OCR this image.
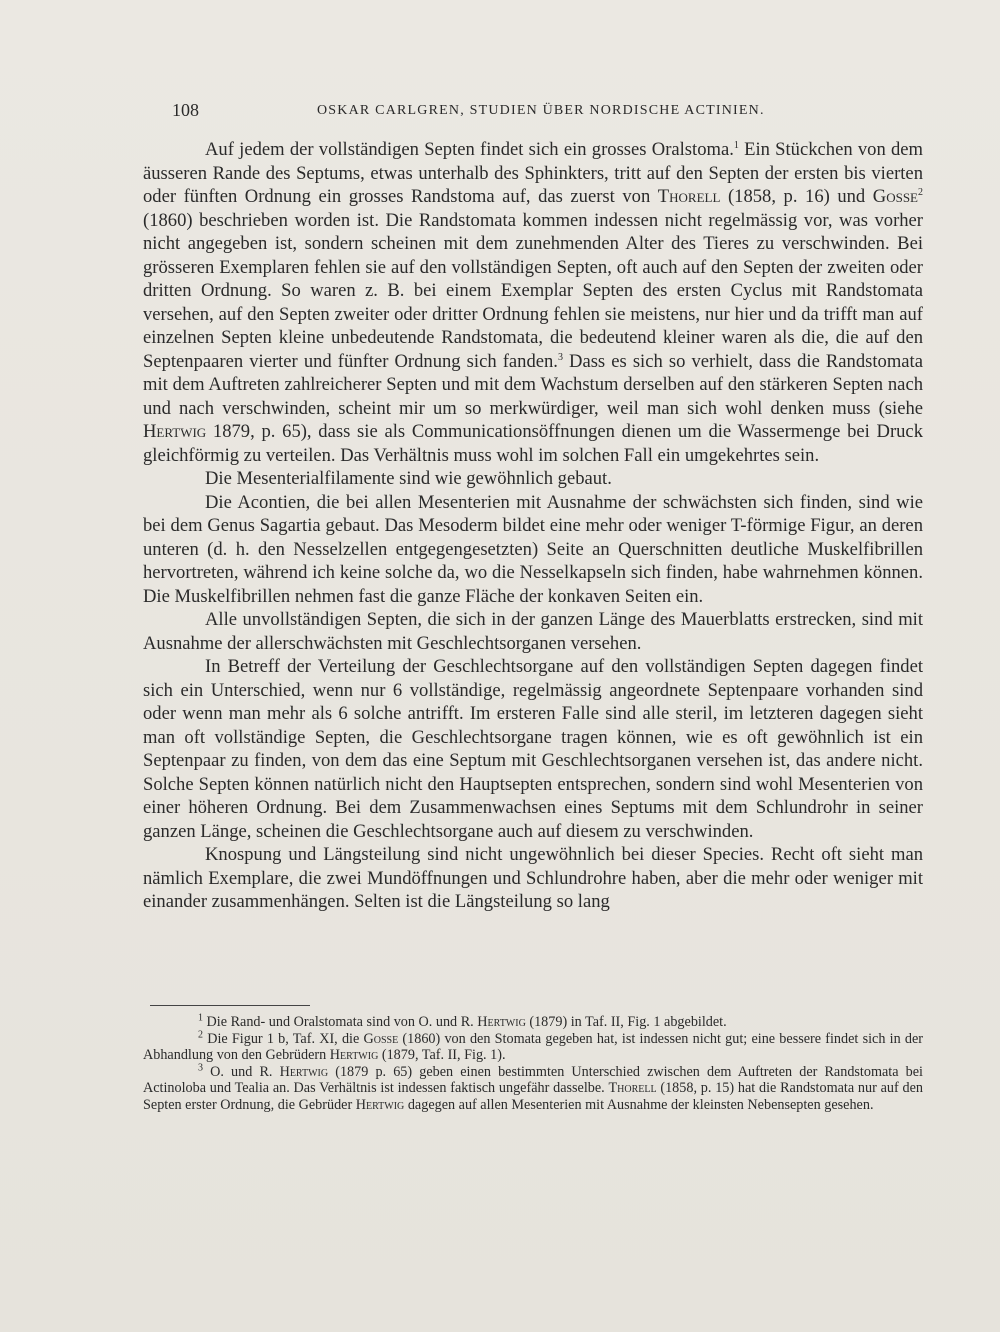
108	OSKAR CARLGREN, STUDIEN ÜBER NORDISCHE ACTINIEN.

Auf jedem der vollständigen Septen findet sich ein grosses Oralstoma.$^1$ Ein Stückchen von dem äusseren Rande des Septums, etwas unterhalb des Sphinkters, tritt auf den Septen der ersten bis vierten oder fünften Ordnung ein grosses Randstoma auf, das zuerst von Thorell (1858, p. 16) und Gosse$^2$ (1860) beschrieben worden ist. Die Randstomata kommen indessen nicht regelmässig vor, was vorher nicht angegeben ist, sondern scheinen mit dem zunehmenden Alter des Tieres zu verschwinden. Bei grösseren Exemplaren fehlen sie auf den vollständigen Septen, oft auch auf den Septen der zweiten oder dritten Ordnung. So waren z. B. bei einem Exemplar Septen des ersten Cyclus mit Randstomata versehen, auf den Septen zweiter oder dritter Ordnung fehlen sie meistens, nur hier und da trifft man auf einzelnen Septen kleine unbedeutende Randstomata, die bedeutend kleiner waren als die, die auf den Septenpaaren vierter und fünfter Ordnung sich fanden.$^3$ Dass es sich so verhielt, dass die Randstomata mit dem Auftreten zahlreicherer Septen und mit dem Wachstum derselben auf den stärkeren Septen nach und nach verschwinden, scheint mir um so merkwürdiger, weil man sich wohl denken muss (siehe Hertwig 1879, p. 65), dass sie als Communicationsöffnungen dienen um die Wassermenge bei Druck gleichförmig zu verteilen. Das Verhältnis muss wohl im solchen Fall ein umgekehrtes sein.

Die Mesenterialfilamente sind wie gewöhnlich gebaut.

Die Acontien, die bei allen Mesenterien mit Ausnahme der schwächsten sich finden, sind wie bei dem Genus Sagartia gebaut. Das Mesoderm bildet eine mehr oder weniger T-förmige Figur, an deren unteren (d. h. den Nesselzellen entgegengesetzten) Seite an Querschnitten deutliche Muskelfibrillen hervortreten, während ich keine solche da, wo die Nesselkapseln sich finden, habe wahrnehmen können. Die Muskelfibrillen nehmen fast die ganze Fläche der konkaven Seiten ein.

Alle unvollständigen Septen, die sich in der ganzen Länge des Mauerblatts erstrecken, sind mit Ausnahme der allerschwächsten mit Geschlechtsorganen versehen.

In Betreff der Verteilung der Geschlechtsorgane auf den vollständigen Septen dagegen findet sich ein Unterschied, wenn nur 6 vollständige, regelmässig angeordnete Septenpaare vorhanden sind oder wenn man mehr als 6 solche antrifft. Im ersteren Falle sind alle steril, im letzteren dagegen sieht man oft vollständige Septen, die Geschlechtsorgane tragen können, wie es oft gewöhnlich ist ein Septenpaar zu finden, von dem das eine Septum mit Geschlechtsorganen versehen ist, das andere nicht. Solche Septen können natürlich nicht den Hauptsepten entsprechen, sondern sind wohl Mesenterien von einer höheren Ordnung. Bei dem Zusammenwachsen eines Septums mit dem Schlundrohr in seiner ganzen Länge, scheinen die Geschlechtsorgane auch auf diesem zu verschwinden.

Knospung und Längsteilung sind nicht ungewöhnlich bei dieser Species. Recht oft sieht man nämlich Exemplare, die zwei Mundöffnungen und Schlundrohre haben, aber die mehr oder weniger mit einander zusammenhängen. Selten ist die Längsteilung so lang

$^1$ Die Rand- und Oralstomata sind von O. und R. Hertwig (1879) in Taf. II, Fig. 1 abgebildet.

$^2$ Die Figur 1 b, Taf. XI, die Gosse (1860) von den Stomata gegeben hat, ist indessen nicht gut; eine bessere findet sich in der Abhandlung von den Gebrüdern Hertwig (1879, Taf. II, Fig. 1).

$^3$ O. und R. Hertwig (1879 p. 65) geben einen bestimmten Unterschied zwischen dem Auftreten der Randstomata bei Actinoloba und Tealia an. Das Verhältnis ist indessen faktisch ungefähr dasselbe. Thorell (1858, p. 15) hat die Randstomata nur auf den Septen erster Ordnung, die Gebrüder Hertwig dagegen auf allen Mesenterien mit Ausnahme der kleinsten Nebensepten gesehen.
